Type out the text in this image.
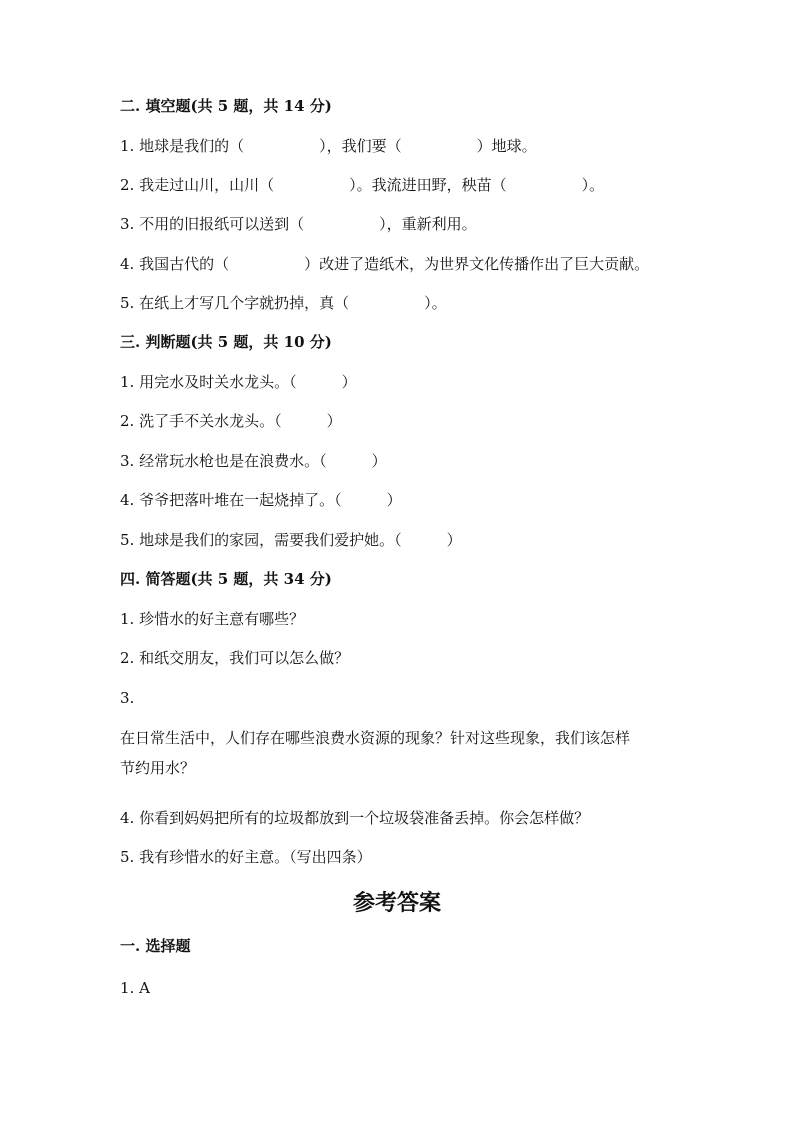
二. 填空题(共 5 题，共 14 分)
1. 地球是我们的（　　　　　），我们要（　　　　　）地球。
2. 我走过山川，山川（　　　　　）。我流进田野，秧苗（　　　　　）。
3. 不用的旧报纸可以送到（　　　　　），重新利用。
4. 我国古代的（　　　　　）改进了造纸术，为世界文化传播作出了巨大贡献。
5. 在纸上才写几个字就扔掉，真（　　　　　）。
三. 判断题(共 5 题，共 10 分)
1. 用完水及时关水龙头。（　　　）
2. 洗了手不关水龙头。（　　　）
3. 经常玩水枪也是在浪费水。（　　　）
4. 爷爷把落叶堆在一起烧掉了。（　　　）
5. 地球是我们的家园，需要我们爱护她。（　　　）
四. 简答题(共 5 题，共 34 分)
1. 珍惜水的好主意有哪些？
2. 和纸交朋友，我们可以怎么做？
3.
在日常生活中，人们存在哪些浪费水资源的现象？针对这些现象，我们该怎样
节约用水？
4. 你看到妈妈把所有的垃圾都放到一个垃圾袋准备丢掉。你会怎样做？
5. 我有珍惜水的好主意。（写出四条）
参考答案
一. 选择题
1. A
